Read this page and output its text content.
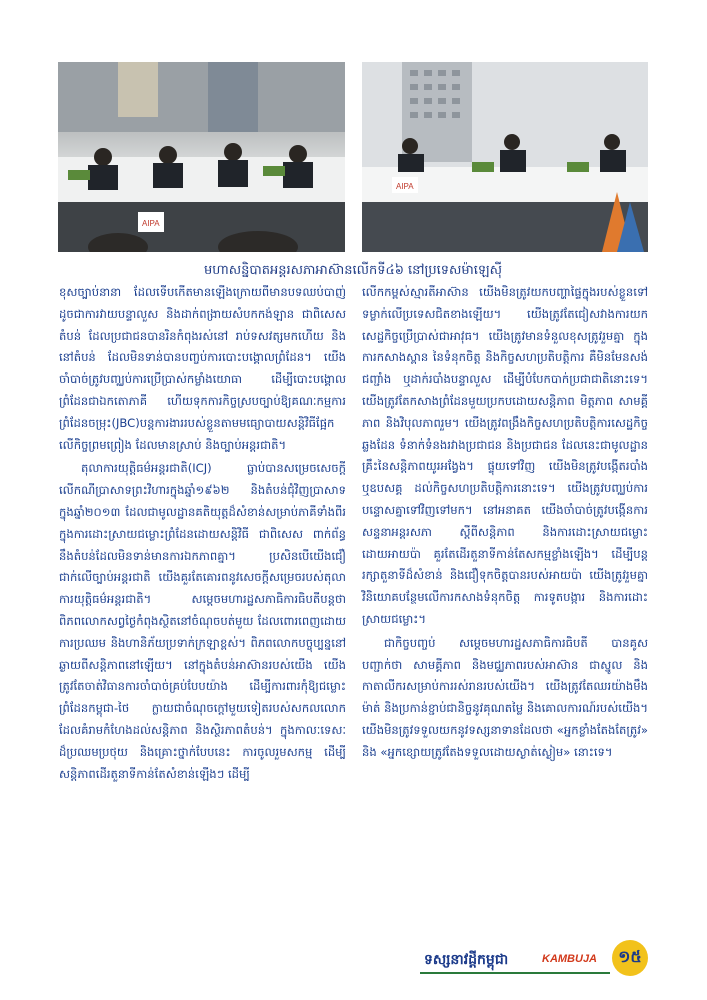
AIPA
AIPA
មហាសន្និបាតអន្តរសភាអាស៊ានលើកទី៤៦ នៅប្រទេសម៉ាឡេស៊ី

ខុសច្បាប់នានា ដែលទើបកើតមានឡើងក្រោយពីមានបទឈប់បាញ់ ដូចជាការវាយបន្ទាលួស និងដាក់ពង្រាយសំបកកង់ឡាន ជាពិសេសតំបន់ ដែលប្រជាជនបានរិនកំពុងរស់នៅ រាប់ទសវត្សមកហើយ និងនៅតំបន់ ដែលមិនទាន់បានបញ្ចប់ការបោះបង្គោលព្រំដែន។ យើងចាំបាច់ត្រូវបញ្ឈប់ការប្រើប្រាស់កម្លាំងយោធា ដើម្បីបោះបង្គោលព្រំដែនជាឯកតោភាគី ហើយ​ទុកការកិច្ចស្របច្បាប់ឱ្យគណៈកម្មការព្រំដែនចម្រុះ(JBC)បន្តការងាររបស់ខ្លួនតាមមធ្យោបាយសន្តិវិធីផ្អែកលើកិច្ចព្រមព្រៀង ដែលមានស្រាប់ និងច្បាប់អន្តរជាតិ។

តុលាការយុត្តិធម៌អន្តរជាតិ(ICJ) ធ្លាប់បានសម្រេចសេចក្តីលើកណីប្រាសាទព្រះវិហារក្នុងឆ្នាំ១៩៦២ និងតំបន់ជុំវិញប្រាសាទ ក្នុងឆ្នាំ២០១៣ ដែលជាមូលដ្ឋានគតិយុត្តដ៏សំខាន់សម្រាប់ភាគីទាំងពីរក្នុងការដោះស្រាយជម្លោះព្រំដែនដោយសន្តិវិធី ជាពិសេស ពាក់ព័ន្ធនឹងតំបន់ដែលមិនទាន់មានការឯកភាពគ្នា។ ប្រសិនបើយើងជឿជាក់លើច្បាប់អន្តរជាតិ យើងគួរតែគោរពនូវសេចក្តីសម្រេចរបស់តុលាការយុត្តិធម៌អន្តរជាតិ។ សម្តេចមហារដ្ឋសភាធិការធិបតីបន្តថា ពិភពលោកសព្វថ្ងៃកំពុងស្ថិតនៅចំណុចបត់មួយ ដែលពោរពេញដោយការប្រឈម និងហានិភ័យប្រទាក់ក្រឡាខ្ពស់។ ពិភពលោកបច្ចុប្បន្ននៅឆ្ងាយពីសន្តិភាពនៅឡើយ។ នៅក្នុងតំបន់អាស៊ានរបស់យើង យើងត្រូវតែចាត់វិធានការចាំបាច់គ្រប់បែបយ៉ាង ដើម្បីការពារកុំឱ្យជម្លោះព្រំដែនកម្ពុជា-ថៃ ក្លាយជាចំណុចក្តៅមួយទៀតរបស់សកលលោក ដែលគំរាមកំហែងដល់សន្តិភាព និងស្ថិរភាពតំបន់។ ក្នុងកាលៈទេសៈដ៏ប្រឈមប្រថុយ និងគ្រោះថ្នាក់បែបនេះ ការចូលរួមសកម្ម ដើម្បីសន្តិភាពដើរតួនាទីកាន់តែសំខាន់ឡើងៗ ដើម្បី

លើកកម្ពស់ស្មារតីអាស៊ាន យើងមិនត្រូវយកបញ្ហាផ្ទៃក្នុងរបស់ខ្លួនទៅទម្លាក់លើប្រទេសជិតខាងឡើយ។ យើងត្រូវតែជៀសវាងការយកសេដ្ឋកិច្ចប្រើប្រាស់ជាអាវុធ។ យើងត្រូវមានទំនួលខុសត្រូវរួមគ្នា ក្នុងការកសាងស្ពាន នៃទំនុកចិត្ត និងកិច្ចសហប្រតិបត្តិការ គឺមិនមែនសង់ជញ្ជាំង ឬដាក់របាំងបន្ទាលួស ដើម្បីបំបែកបាក់ប្រជាជាតិនោះទេ។ យើងត្រូវតែកសាងព្រំដែនមួយប្រកបដោយសន្តិភាព មិត្តភាព សាមគ្គីភាព និងវិបុលភាពរួម។ យើងត្រូវពង្រឹងកិច្ចសហប្រតិបត្តិការសេដ្ឋកិច្ចឆ្លងដែន ទំនាក់ទំនងរវាងប្រជាជន និងប្រជាជន ដែលនេះជាមូលដ្ឋានគ្រឹះនៃសន្តិភាពយូរអង្វែង។ ផ្ទុយទៅវិញ យើងមិនត្រូវបង្កើតរបាំង ឬឧបសគ្គ ដល់កិច្ចសហប្រតិបត្តិការនោះទេ។ យើងត្រូវបញ្ឈប់ការបន្ទោសគ្នាទៅវិញទៅមក។ នៅអនាគត យើងចាំបាច់ត្រូវបង្កើនការសន្ទនាអន្តរសភា ស្តីពីសន្តិភាព និងការដោះស្រាយជម្លោះ ដោយអាយប៉ា គួរតែដើរតួនាទីកាន់តែសកម្មខ្លាំងឡើង។ ដើម្បីបន្តរក្សាតួនាទីដ៏សំខាន់ និងជឿទុកចិត្តបានរបស់អាយប៉ា យើងត្រូវរួមគ្នាវិនិយោគបន្ថែមលើការកសាងទំនុកចិត្ត ការទូតបង្ការ និងការដោះស្រាយជម្លោះ។

ជាកិច្ចបញ្ចប់ សម្តេចមហារដ្ឋសភាធិការធិបតី បានគូសបញ្ជាក់ថា សាមគ្គីភាព និងមជ្ឈភាពរបស់អាស៊ាន ជាស្នូល និងកាតាលីករសម្រាប់ការរស់រានរបស់យើង។ យើងត្រូវតែឈរយ៉ាងមឹងម៉ាត់ និងប្រកាន់ខ្ជាប់ជានិច្ចនូវគុណតម្លៃ និងគោលការណ៍របស់យើង។ យើងមិនត្រូវទទួលយកនូវទស្សនាទានដែលថា «អ្នកខ្លាំងតែងតែត្រូវ» និង «អ្នកខ្សោយត្រូវតែងទទួលដោយស្ងាត់ស្ងៀម» នោះទេ។

ទស្សនាវដ្តីកម្ពុជា	KAMBUJA ១៥
